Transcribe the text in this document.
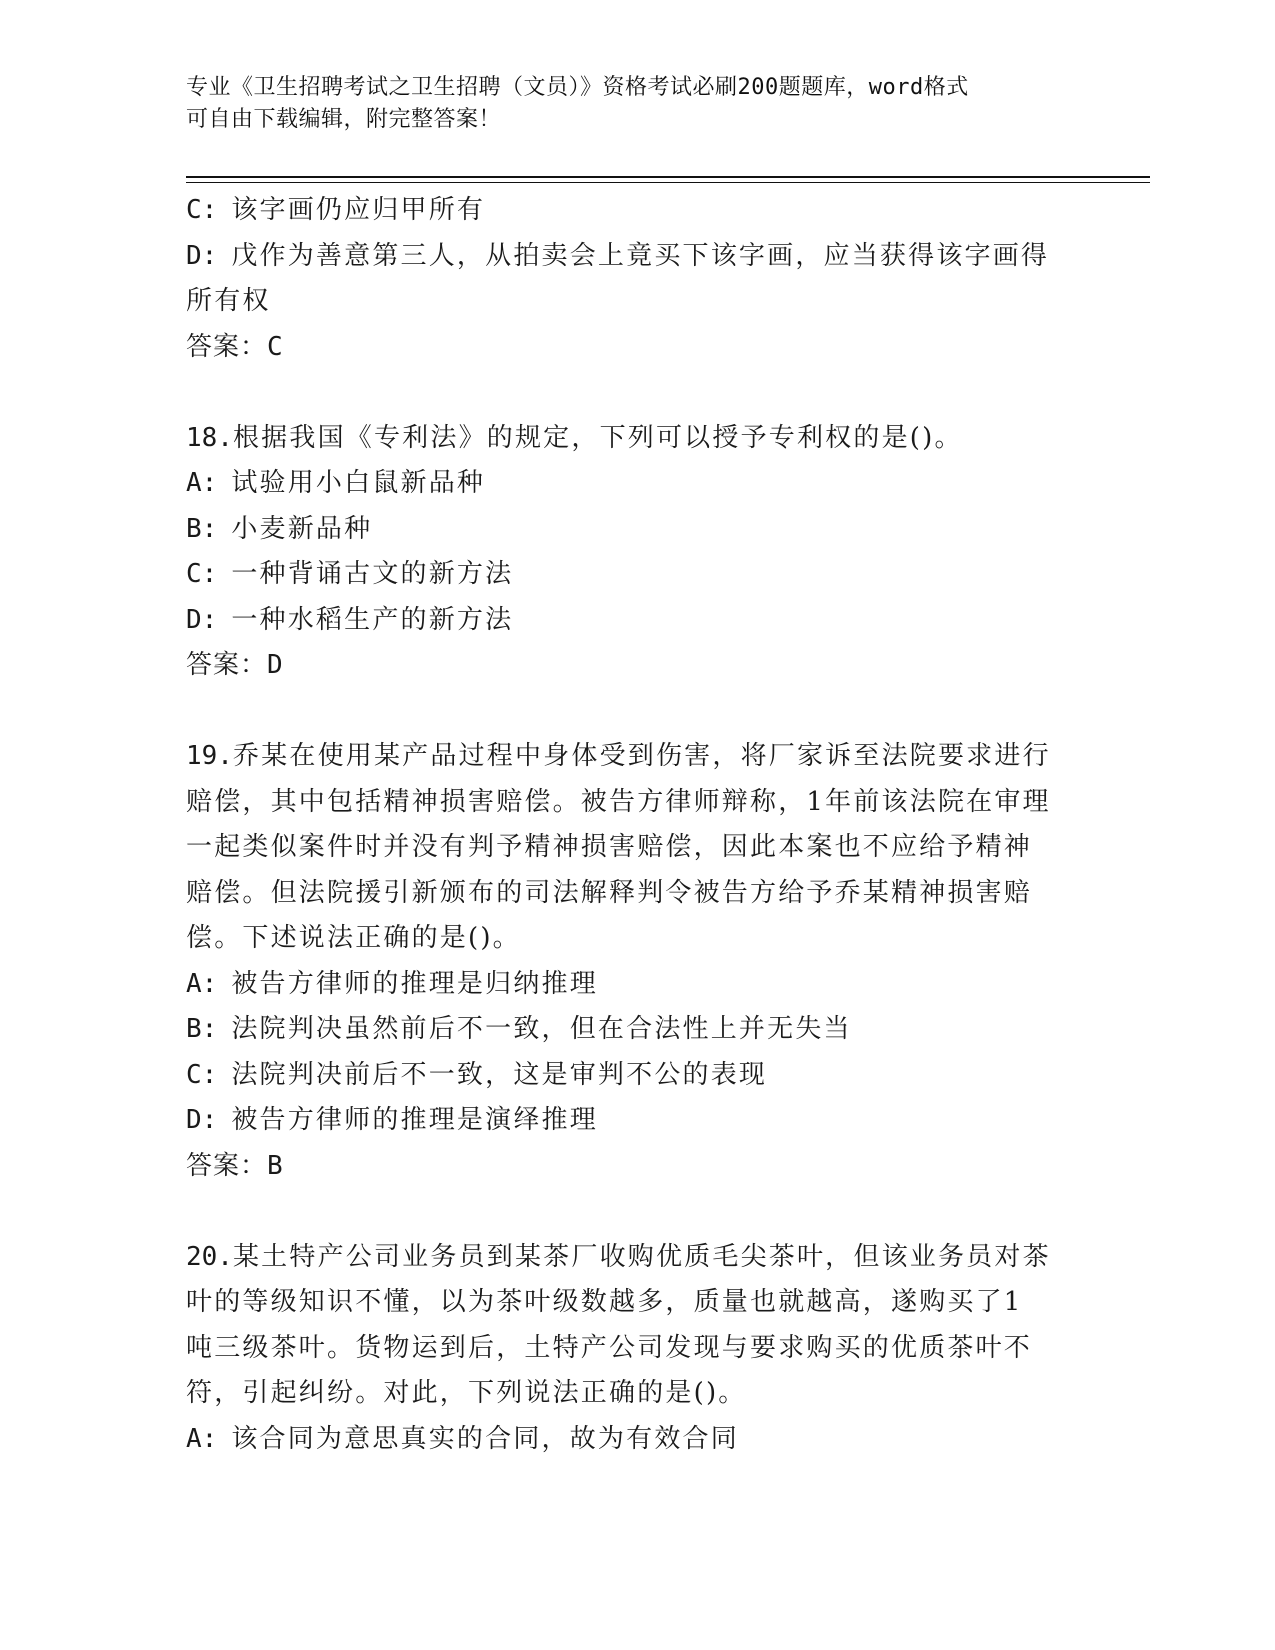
专业《卫生招聘考试之卫生招聘（文员）》资格考试必刷200题题库，word格式
可自由下载编辑，附完整答案！
C: 该字画仍应归甲所有
D: 戊作为善意第三人，从拍卖会上竟买下该字画，应当获得该字画得
所有权
答案：C
18.根据我国《专利法》的规定，下列可以授予专利权的是()。
A: 试验用小白鼠新品种
B: 小麦新品种
C: 一种背诵古文的新方法
D: 一种水稻生产的新方法
答案：D
19.乔某在使用某产品过程中身体受到伤害，将厂家诉至法院要求进行
赔偿，其中包括精神损害赔偿。被告方律师辩称，1年前该法院在审理
一起类似案件时并没有判予精神损害赔偿，因此本案也不应给予精神
赔偿。但法院援引新颁布的司法解释判令被告方给予乔某精神损害赔
偿。下述说法正确的是()。
A: 被告方律师的推理是归纳推理
B: 法院判决虽然前后不一致，但在合法性上并无失当
C: 法院判决前后不一致，这是审判不公的表现
D: 被告方律师的推理是演绎推理
答案：B
20.某土特产公司业务员到某茶厂收购优质毛尖茶叶，但该业务员对茶
叶的等级知识不懂，以为茶叶级数越多，质量也就越高，遂购买了1
吨三级茶叶。货物运到后，土特产公司发现与要求购买的优质茶叶不
符，引起纠纷。对此，下列说法正确的是()。
A: 该合同为意思真实的合同，故为有效合同
